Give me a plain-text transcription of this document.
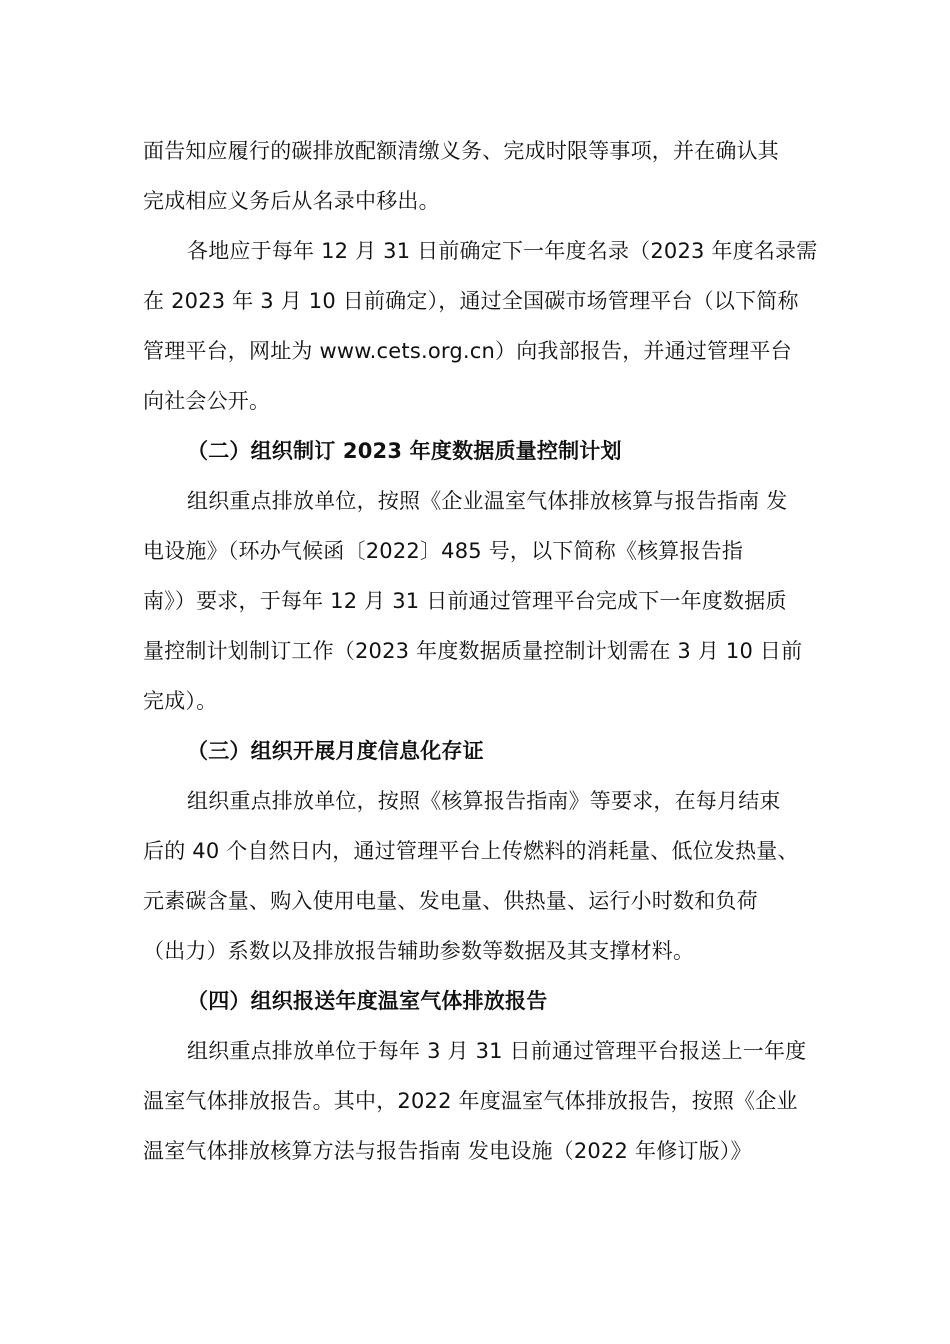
面告知应履行的碳排放配额清缴义务、完成时限等事项，并在确认其
完成相应义务后从名录中移出。
各地应于每年 12 月 31 日前确定下一年度名录（2023 年度名录需
在 2023 年 3 月 10 日前确定），通过全国碳市场管理平台（以下简称
管理平台，网址为 www.cets.org.cn）向我部报告，并通过管理平台
向社会公开。
（二）组织制订 2023 年度数据质量控制计划
组织重点排放单位，按照《企业温室气体排放核算与报告指南 发
电设施》（环办气候函〔2022〕485 号，以下简称《核算报告指
南》）要求，于每年 12 月 31 日前通过管理平台完成下一年度数据质
量控制计划制订工作（2023 年度数据质量控制计划需在 3 月 10 日前
完成）。
（三）组织开展月度信息化存证
组织重点排放单位，按照《核算报告指南》等要求，在每月结束
后的 40 个自然日内，通过管理平台上传燃料的消耗量、低位发热量、
元素碳含量、购入使用电量、发电量、供热量、运行小时数和负荷
（出力）系数以及排放报告辅助参数等数据及其支撑材料。
（四）组织报送年度温室气体排放报告
组织重点排放单位于每年 3 月 31 日前通过管理平台报送上一年度
温室气体排放报告。其中，2022 年度温室气体排放报告，按照《企业
温室气体排放核算方法与报告指南 发电设施（2022 年修订版）》
